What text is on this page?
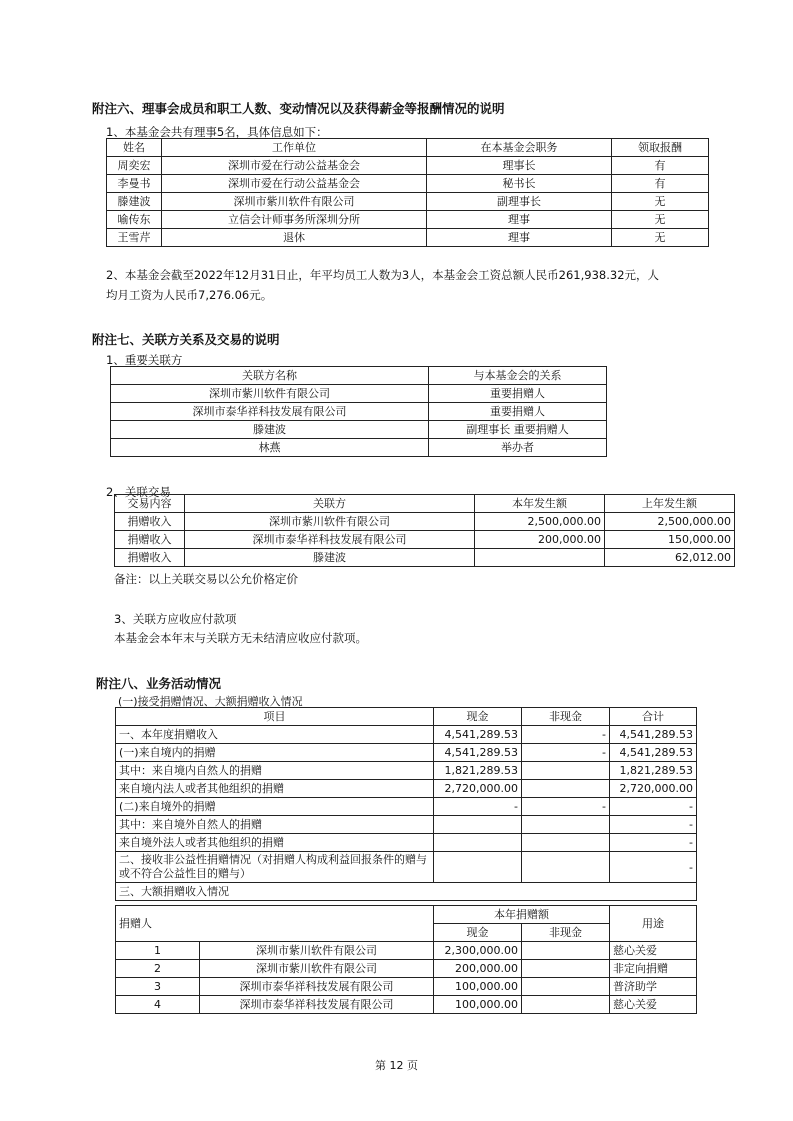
附注六、理事会成员和职工人数、变动情况以及获得薪金等报酬情况的说明
1、本基金会共有理事5名，具体信息如下：
姓名	工作单位	在本基金会职务	领取报酬
周奕宏	深圳市爱在行动公益基金会	理事长	有
李曼书	深圳市爱在行动公益基金会	秘书长	有
滕建波	深圳市紫川软件有限公司	副理事长	无
喻传东	立信会计师事务所深圳分所	理事	无
王雪芹	退休	理事	无
2、本基金会截至2022年12月31日止，年平均员工人数为3人，本基金会工资总额人民币261,938.32元，人
均月工资为人民币7,276.06元。
附注七、关联方关系及交易的说明
1、重要关联方
关联方名称	与本基金会的关系
深圳市紫川软件有限公司	重要捐赠人
深圳市泰华祥科技发展有限公司	重要捐赠人
滕建波	副理事长 重要捐赠人
林燕	举办者
2、关联交易
交易内容	关联方	本年发生额	上年发生额
捐赠收入	深圳市紫川软件有限公司	2,500,000.00	2,500,000.00
捐赠收入	深圳市泰华祥科技发展有限公司	200,000.00	150,000.00
捐赠收入	滕建波		62,012.00
备注：以上关联交易以公允价格定价
3、关联方应收应付款项
本基金会本年末与关联方无未结清应收应付款项。
附注八、业务活动情况
(一)接受捐赠情况、大额捐赠收入情况
项目	现金	非现金	合计
一、本年度捐赠收入	4,541,289.53	-	4,541,289.53
(一)来自境内的捐赠	4,541,289.53	-	4,541,289.53
其中：来自境内自然人的捐赠	1,821,289.53		1,821,289.53
来自境内法人或者其他组织的捐赠	2,720,000.00		2,720,000.00
(二)来自境外的捐赠	-	-	-
其中：来自境外自然人的捐赠			-
来自境外法人或者其他组织的捐赠			-
二、接收非公益性捐赠情况（对捐赠人构成利益回报条件的赠与或不符合公益性目的赠与）			-
三、大额捐赠收入情况			
捐赠人		本年捐赠额		用途
		现金	非现金	
1	深圳市紫川软件有限公司	2,300,000.00		慈心关爱
2	深圳市紫川软件有限公司	200,000.00		非定向捐赠
3	深圳市泰华祥科技发展有限公司	100,000.00		普济助学
4	深圳市泰华祥科技发展有限公司	100,000.00		慈心关爱
第 12 页
